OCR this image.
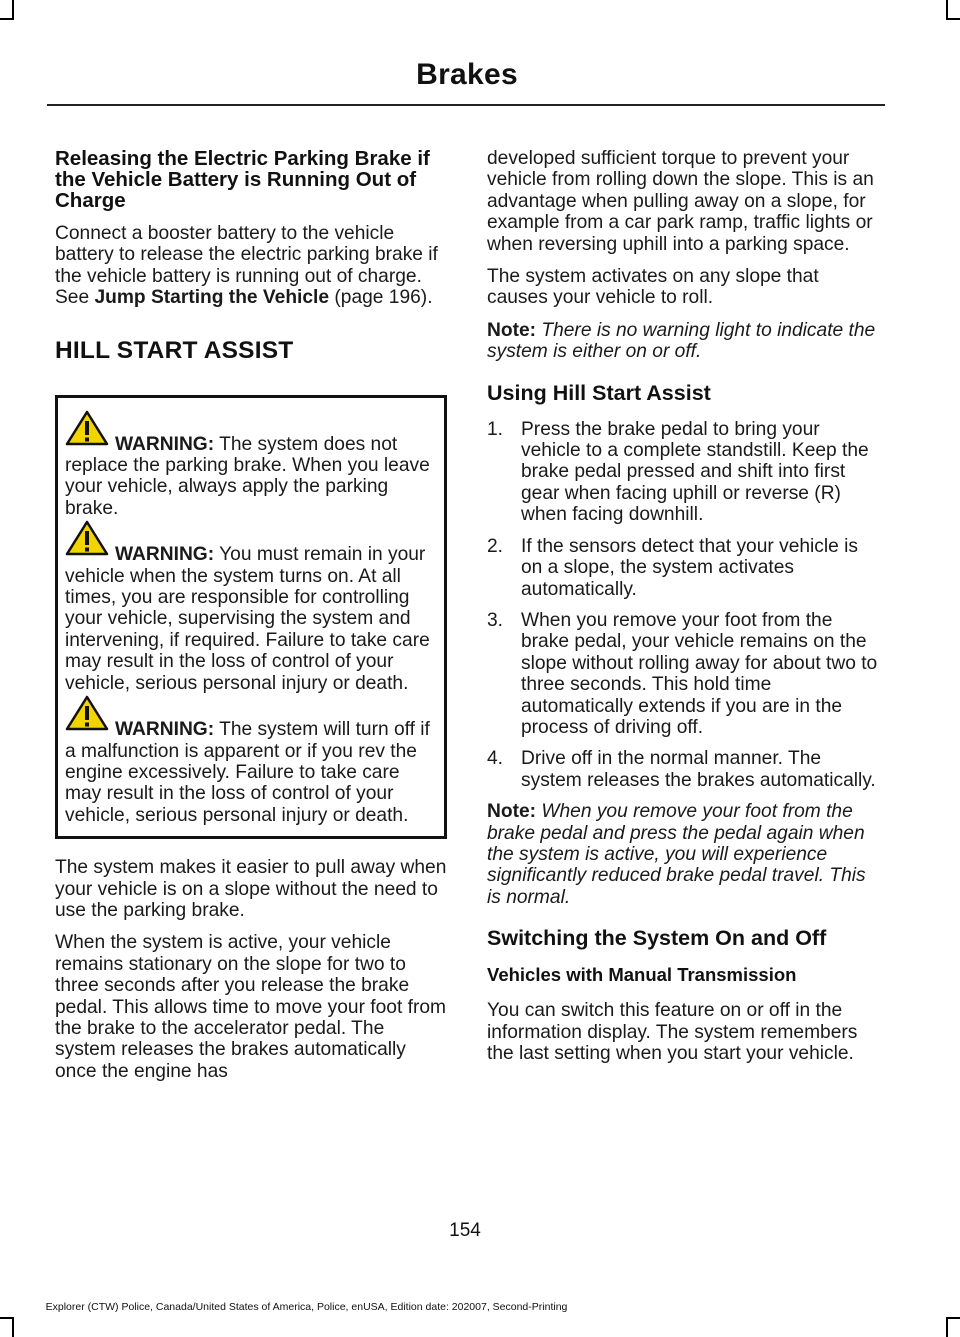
Brakes
Releasing the Electric Parking Brake if the Vehicle Battery is Running Out of Charge

Connect a booster battery to the vehicle battery to release the electric parking brake if the vehicle battery is running out of charge. See Jump Starting the Vehicle (page 196).

HILL START ASSIST

WARNING: The system does not replace the parking brake. When you leave your vehicle, always apply the parking brake.

WARNING: You must remain in your vehicle when the system turns on. At all times, you are responsible for controlling your vehicle, supervising the system and intervening, if required. Failure to take care may result in the loss of control of your vehicle, serious personal injury or death.

WARNING: The system will turn off if a malfunction is apparent or if you rev the engine excessively. Failure to take care may result in the loss of control of your vehicle, serious personal injury or death.

The system makes it easier to pull away when your vehicle is on a slope without the need to use the parking brake.

When the system is active, your vehicle remains stationary on the slope for two to three seconds after you release the brake pedal. This allows time to move your foot from the brake to the accelerator pedal. The system releases the brakes automatically once the engine has

developed sufficient torque to prevent your vehicle from rolling down the slope. This is an advantage when pulling away on a slope, for example from a car park ramp, traffic lights or when reversing uphill into a parking space.

The system activates on any slope that causes your vehicle to roll.

Note: There is no warning light to indicate the system is either on or off.

Using Hill Start Assist
1. Press the brake pedal to bring your vehicle to a complete standstill. Keep the brake pedal pressed and shift into first gear when facing uphill or reverse (R) when facing downhill.
2. If the sensors detect that your vehicle is on a slope, the system activates automatically.
3. When you remove your foot from the brake pedal, your vehicle remains on the slope without rolling away for about two to three seconds. This hold time automatically extends if you are in the process of driving off.
4. Drive off in the normal manner. The system releases the brakes automatically.

Note: When you remove your foot from the brake pedal and press the pedal again when the system is active, you will experience significantly reduced brake pedal travel. This is normal.

Switching the System On and Off
Vehicles with Manual Transmission

You can switch this feature on or off in the information display. The system remembers the last setting when you start your vehicle.

154
Explorer (CTW) Police, Canada/United States of America, Police, enUSA, Edition date: 202007, Second-Printing
